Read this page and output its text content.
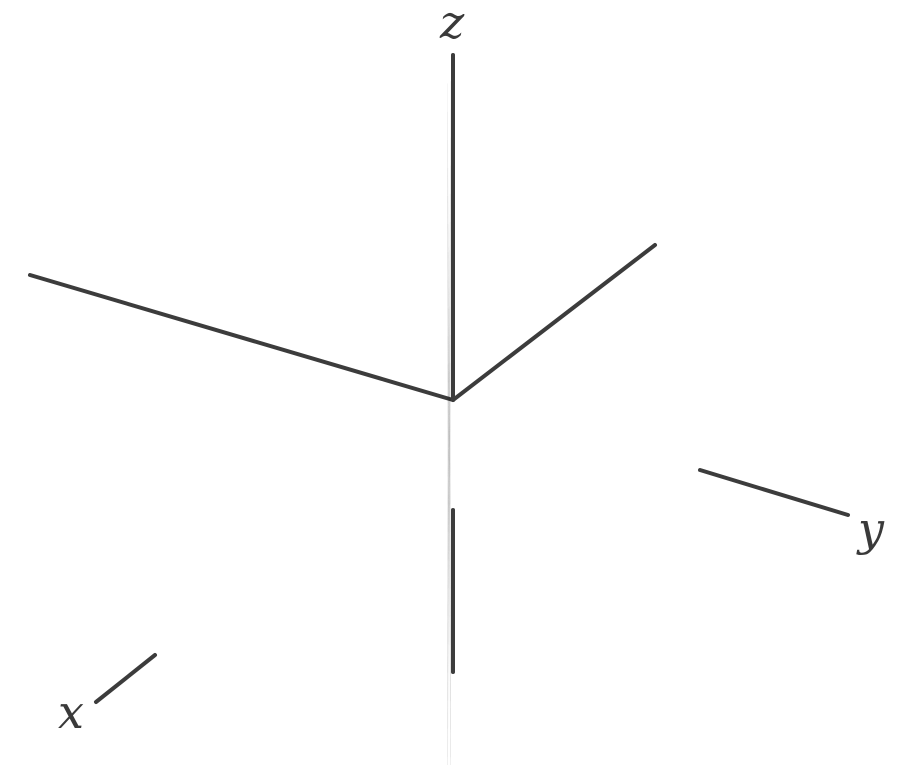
z
y
x
